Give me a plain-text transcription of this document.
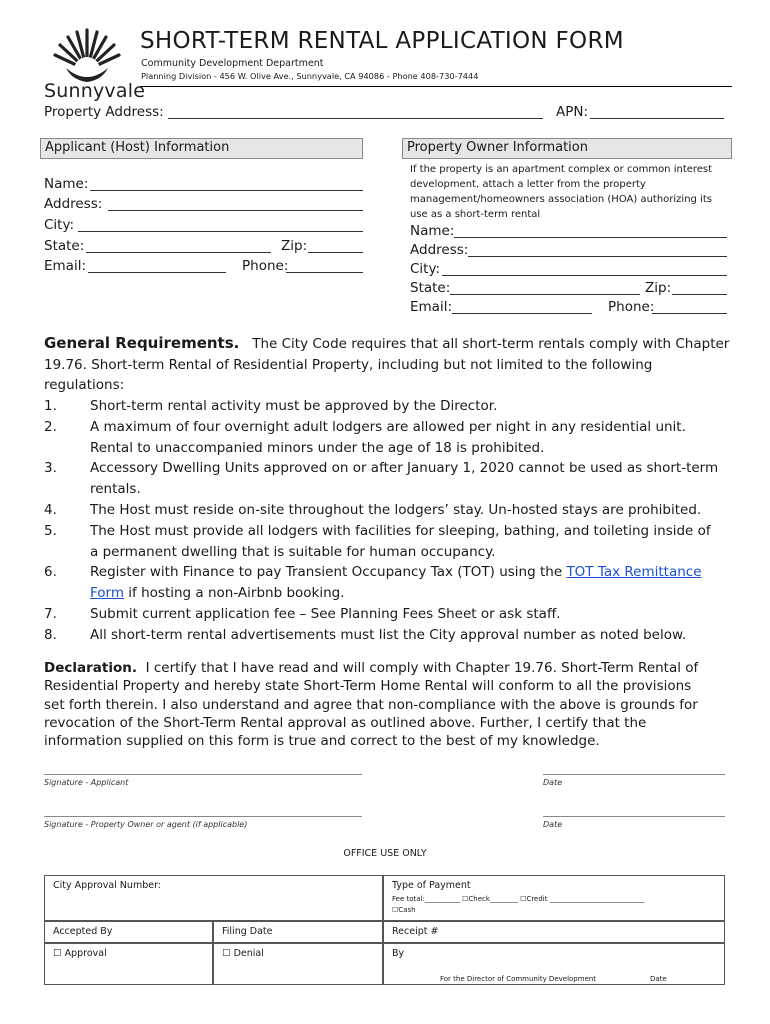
Sunnyvale
SHORT-TERM RENTAL APPLICATION FORM
Community Development Department
Planning Division - 456 W. Olive Ave., Sunnyvale, CA 94086 - Phone 408-730-7444
Property Address:	APN:
Applicant (Host) Information
Name:
Address:
City:
State:	Zip:
Email:	Phone:
Property Owner Information
If the property is an apartment complex or common interest development, attach a letter from the property management/homeowners association (HOA) authorizing its use as a short-term rental
Name:
Address:
City:
State:	Zip:
Email:	Phone:
General Requirements. The City Code requires that all short-term rentals comply with Chapter
19.76. Short-term Rental of Residential Property, including but not limited to the following
regulations:
1. Short-term rental activity must be approved by the Director.
2. A maximum of four overnight adult lodgers are allowed per night in any residential unit.
Rental to unaccompanied minors under the age of 18 is prohibited.
3. Accessory Dwelling Units approved on or after January 1, 2020 cannot be used as short-term
rentals.
4. The Host must reside on-site throughout the lodgers’ stay. Un-hosted stays are prohibited.
5. The Host must provide all lodgers with facilities for sleeping, bathing, and toileting inside of
a permanent dwelling that is suitable for human occupancy.
6. Register with Finance to pay Transient Occupancy Tax (TOT) using the TOT Tax Remittance
Form if hosting a non-Airbnb booking.
7. Submit current application fee – See Planning Fees Sheet or ask staff.
8. All short-term rental advertisements must list the City approval number as noted below.
Declaration. I certify that I have read and will comply with Chapter 19.76. Short-Term Rental of
Residential Property and hereby state Short-Term Home Rental will conform to all the provisions
set forth therein. I also understand and agree that non-compliance with the above is grounds for
revocation of the Short-Term Rental approval as outlined above. Further, I certify that the
information supplied on this form is true and correct to the best of my knowledge.
Signature - Applicant	Date
Signature - Property Owner or agent (if applicable)	Date
OFFICE USE ONLY
City Approval Number:	Type of Payment
Fee total:__________ ☐Check________ ☐Credit ___________________________
☐Cash
Accepted By	Filing Date	Receipt #
☐ Approval	☐ Denial	By
For the Director of Community Development	Date
